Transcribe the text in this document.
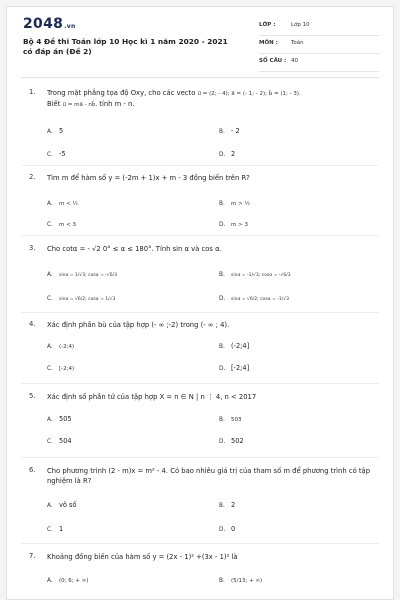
2048.vn
Bộ 4 Đề thi Toán lớp 10 Học kì 1 năm 2020 - 2021 có đáp án (Đề 2)
LỚP :	Lớp 10
MÔN : Toán
SỐ CÂU : 40
1. Trong mặt phẳng tọa độ Oxy, cho các vecto u⃗ = (2; - 4); a⃗ = (- 1; - 2); b⃗ = (1; - 3).
Biết u⃗ = ma⃗ - nb⃗, tính m - n.
A. 5	B. - 2
C. -5	D. 2
2. Tìm m để hàm số y = (-2m + 1)x + m - 3 đồng biến trên R?
A. m < ½	B. m > ½
C. m < 3	D. m > 3
3. Cho cotα = - √2 0° ≤ α ≤ 180°. Tính sin α và cos α.
A. sinα = 1/√3; cosα = -√6/3	B. sinα = -1/√3; cosα = -√6/3
C. sinα = √6/2; cosα = 1/√3	D. sinα = √6/2; cosα = -1/√3
4. Xác định phần bù của tập hợp (- ∞ ;-2) trong (- ∞ ; 4).
A. (-2;4)	B. (-2;4]
C. [-2;4)	D. [-2;4]
5. Xác định số phần tử của tập hợp X = n ∈ N | n ⋮ 4, n < 2017
A. 505	B. 503
C. 504	D. 502
6. Cho phương trình (2 - m)x = m² - 4. Có bao nhiêu giá trị của tham số m để phương trình có tập nghiệm là R?
A. vô số	B. 2
C. 1	D. 0
7. Khoảng đồng biến của hàm số y = (2x - 1)² +(3x - 1)² là
A. (0; 6; + ∞)	B. (5/13; + ∞)
